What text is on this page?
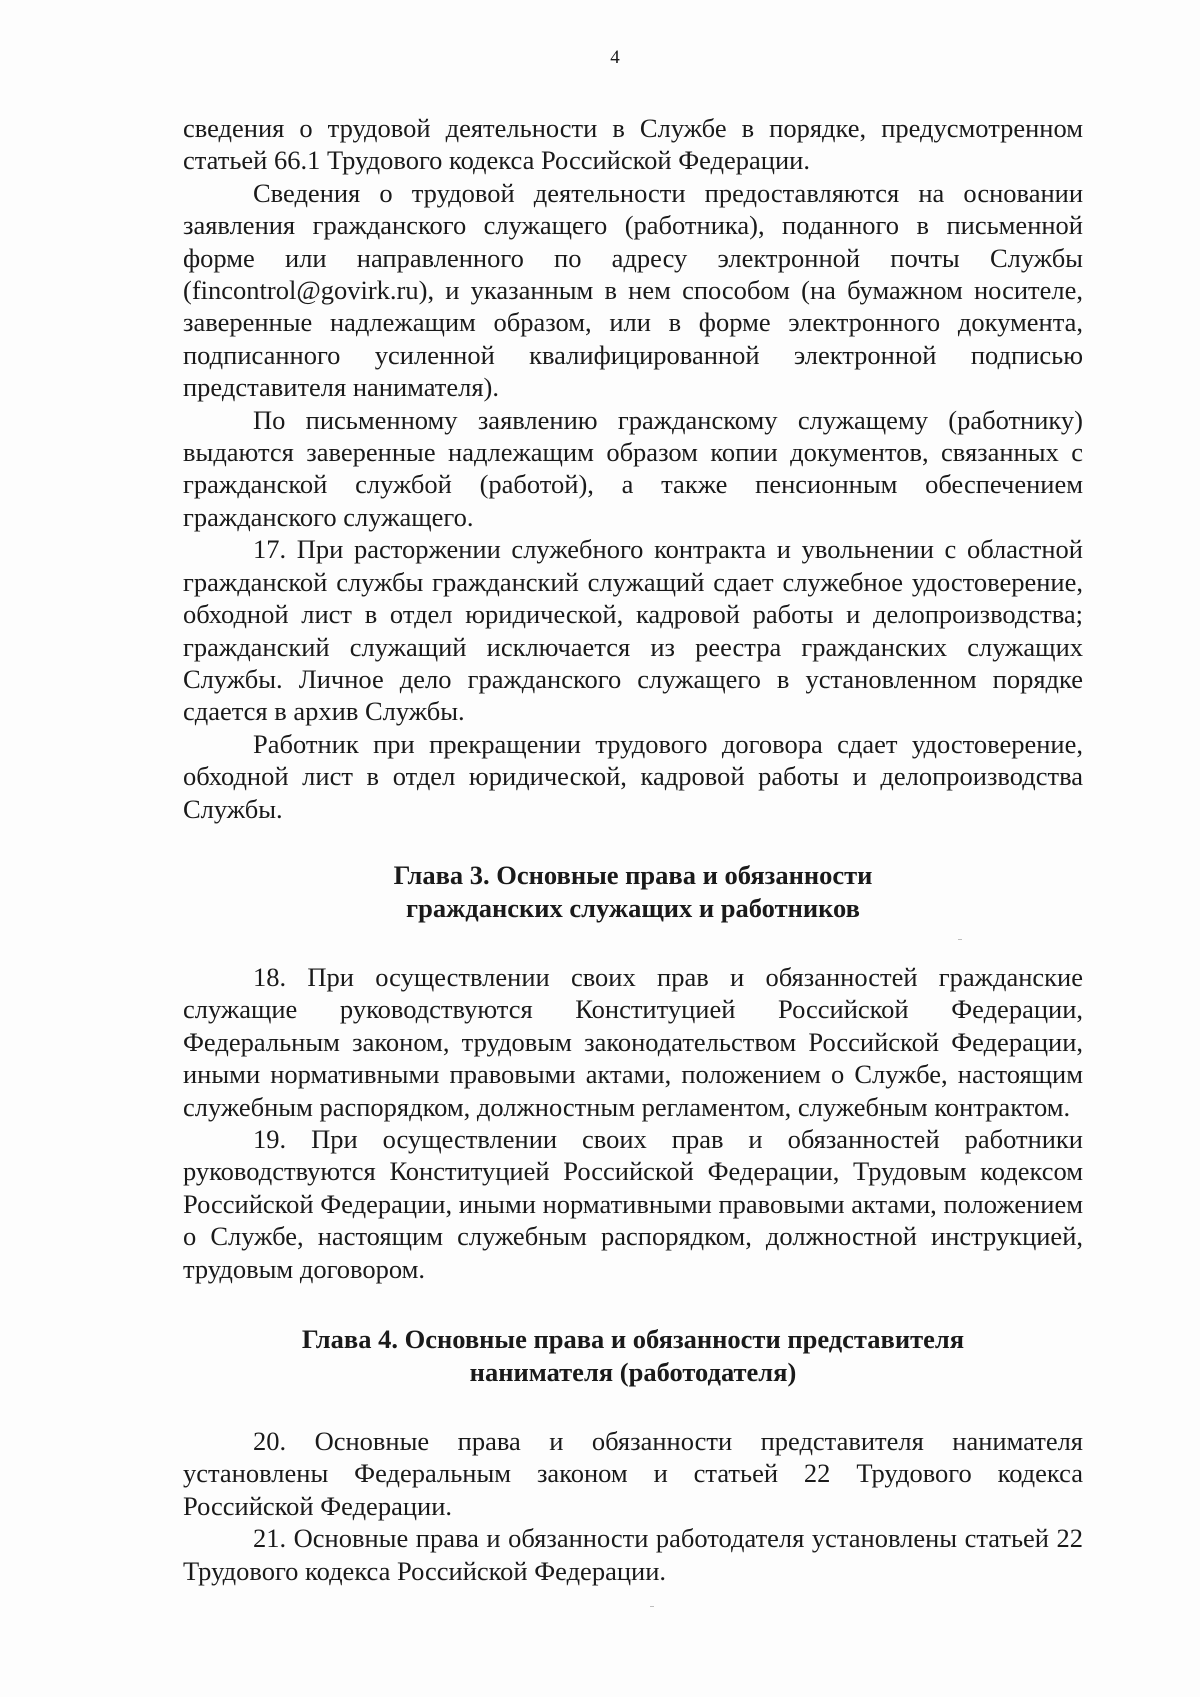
4

сведения о трудовой деятельности в Службе в порядке, предусмотренном статьей 66.1 Трудового кодекса Российской Федерации.

Сведения о трудовой деятельности предоставляются на основании заявления гражданского служащего (работника), поданного в письменной форме или направленного по адресу электронной почты Службы (fincontrol@govirk.ru), и указанным в нем способом (на бумажном носителе, заверенные надлежащим образом, или в форме электронного документа, подписанного усиленной квалифицированной электронной подписью представителя нанимателя).

По письменному заявлению гражданскому служащему (работнику) выдаются заверенные надлежащим образом копии документов, связанных с гражданской службой (работой), а также пенсионным обеспечением гражданского служащего.

17. При расторжении служебного контракта и увольнении с областной гражданской службы гражданский служащий сдает служебное удостоверение, обходной лист в отдел юридической, кадровой работы и делопроизводства; гражданский служащий исключается из реестра гражданских служащих Службы. Личное дело гражданского служащего в установленном порядке сдается в архив Службы.

Работник при прекращении трудового договора сдает удостоверение, обходной лист в отдел юридической, кадровой работы и делопроизводства Службы.

Глава 3. Основные права и обязанности
гражданских служащих и работников

18. При осуществлении своих прав и обязанностей гражданские служащие руководствуются Конституцией Российской Федерации, Федеральным законом, трудовым законодательством Российской Федерации, иными нормативными правовыми актами, положением о Службе, настоящим служебным распорядком, должностным регламентом, служебным контрактом.

19. При осуществлении своих прав и обязанностей работники руководствуются Конституцией Российской Федерации, Трудовым кодексом Российской Федерации, иными нормативными правовыми актами, положением о Службе, настоящим служебным распорядком, должностной инструкцией, трудовым договором.

Глава 4. Основные права и обязанности представителя
нанимателя (работодателя)

20. Основные права и обязанности представителя нанимателя установлены Федеральным законом и статьей 22 Трудового кодекса Российской Федерации.

21. Основные права и обязанности работодателя установлены статьей 22 Трудового кодекса Российской Федерации.
